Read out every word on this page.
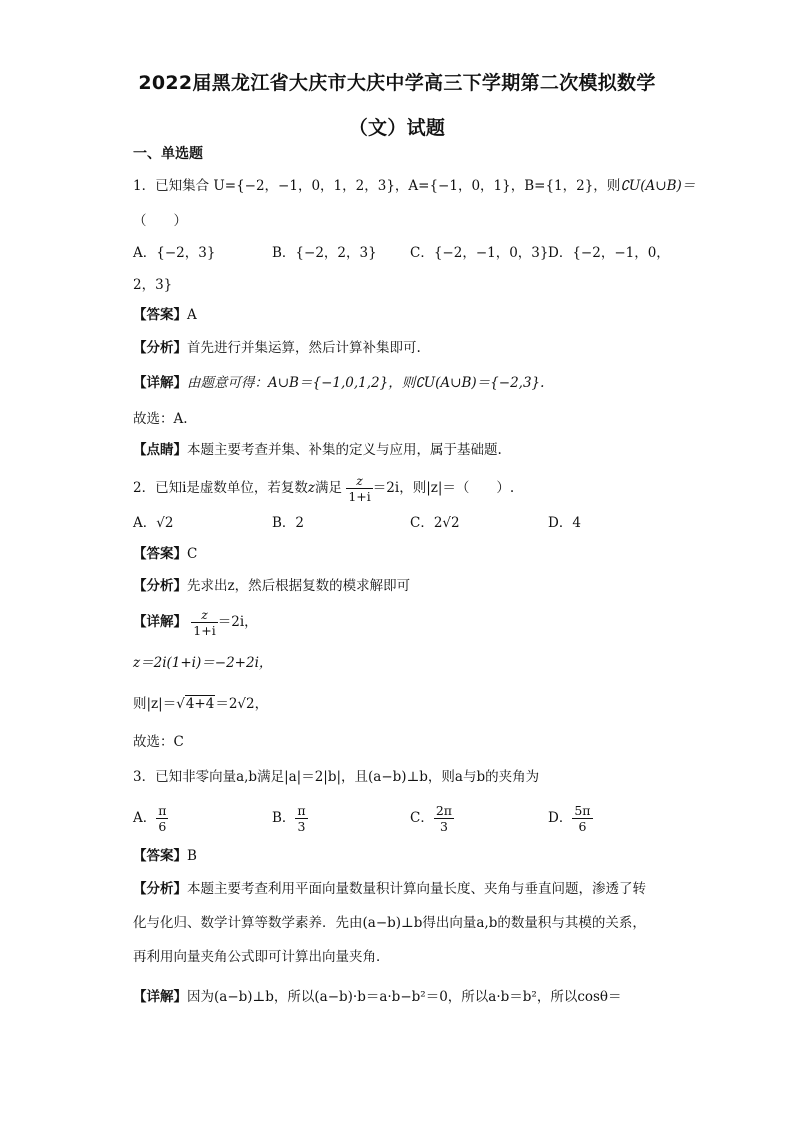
2022届黑龙江省大庆市大庆中学高三下学期第二次模拟数学
（文）试题
一、单选题
1．已知集合 U={−2，−1，0，1，2，3}，A={−1，0，1}，B={1，2}，则∁U(A∪B)＝
（　　）
A．{−2，3}	B．{−2，2，3} C．{−2，−1，0，3} D．{−2，−1，0，
2，3}
【答案】A
【分析】首先进行并集运算，然后计算补集即可.
【详解】由题意可得：A∪B＝{−1,0,1,2}，则∁U(A∪B)＝{−2,3}.
故选：A.
【点睛】本题主要考查并集、补集的定义与应用，属于基础题.
2．已知i是虚数单位，若复数z满足 $\frac{z}{1+i} =2i$，则|z|＝（　　）.
A．√2	B．2	C．2√2	D．4
【答案】C
【分析】先求出z，然后根据复数的模求解即可
【详解】 $\frac{z}{1+i} =2i$，
z＝2i(1+i)＝−2+2i，
则|z|＝√4+4＝2√2，
故选：C
3．已知非零向量a,b满足|a|＝2|b|，且(a−b)⊥b，则a与b的夹角为
A． $\frac{\pi}{6}$	B． $\frac{\pi}{3}$	C． $\frac{2\pi}{3}$	D． $\frac{5\pi}{6}$
【答案】B
【分析】本题主要考查利用平面向量数量积计算向量长度、夹角与垂直问题，渗透了转
化与化归、数学计算等数学素养．先由(a−b)⊥b得出向量a,b的数量积与其模的关系，
再利用向量夹角公式即可计算出向量夹角．
【详解】因为(a−b)⊥b，所以(a−b)·b＝a·b−b²＝0，所以a·b＝b²，所以cosθ＝
